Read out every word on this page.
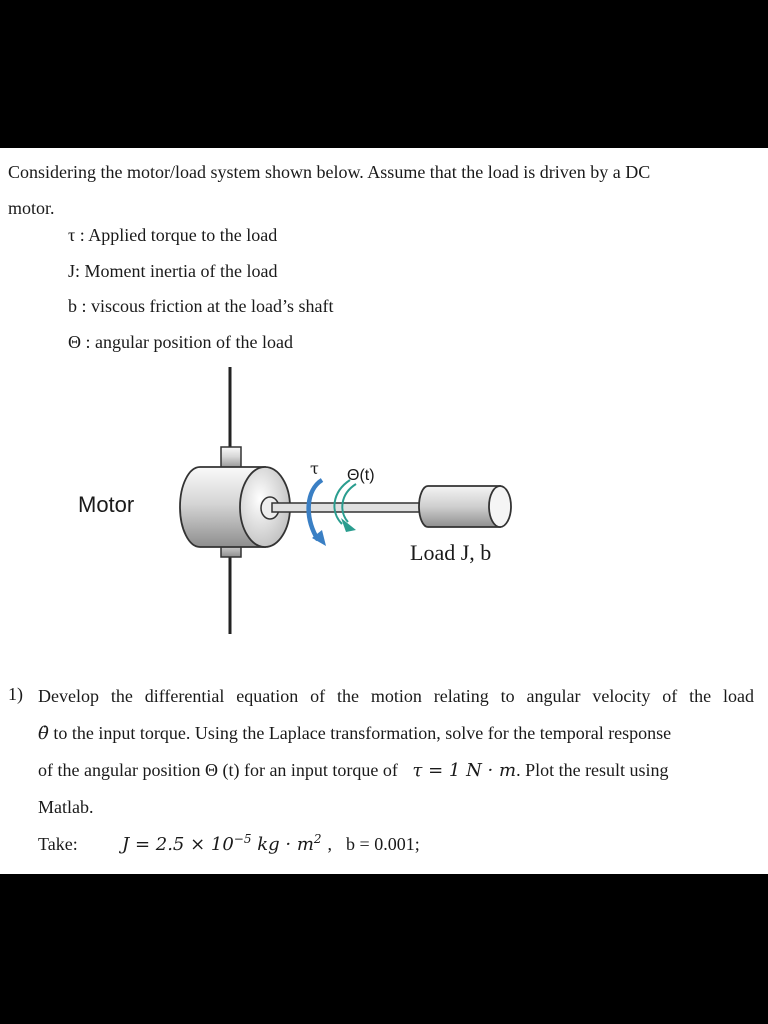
Considering the motor/load system shown below. Assume that the load is driven by a DC
motor.
τ : Applied torque to the load
J: Moment inertia of the load
b : viscous friction at the load’s shaft
Θ : angular position of the load
Motor
τ Θ(t)
Load J, b
1) Develop the differential equation of the motion relating to angular velocity of the load
θ̇ to the input torque. Using the Laplace transformation, solve for the temporal response
of the angular position Θ (t) for an input torque of τ = 1 N · m. Plot the result using
Matlab.
Take:	$J = 2.5 \times 10^{-5}$ kg · $m^2$ , b = 0.001;
